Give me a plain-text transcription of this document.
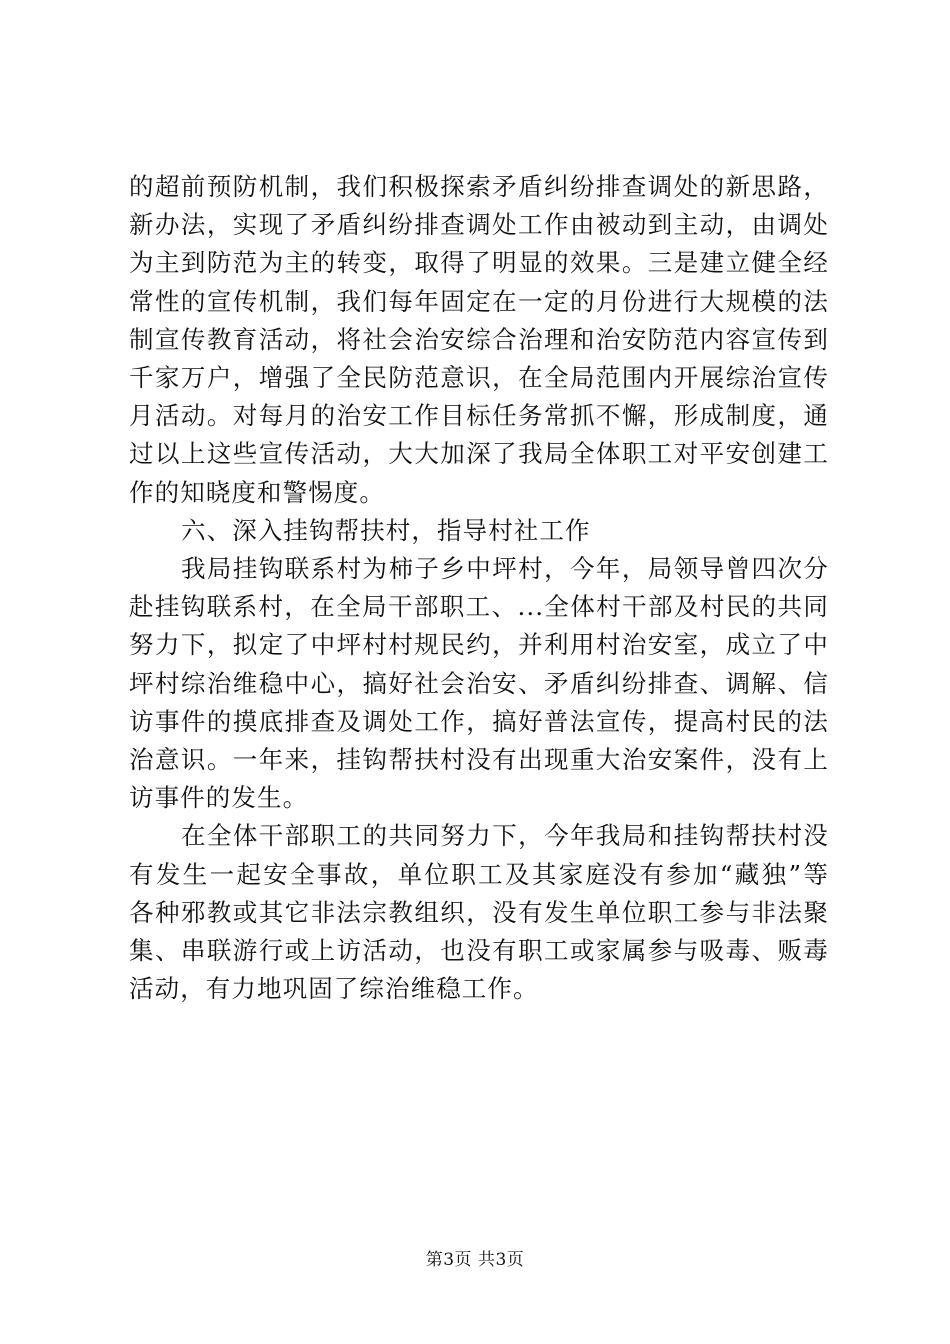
的超前预防机制，我们积极探索矛盾纠纷排查调处的新思路，
新办法，实现了矛盾纠纷排查调处工作由被动到主动，由调处
为主到防范为主的转变，取得了明显的效果。三是建立健全经
常性的宣传机制，我们每年固定在一定的月份进行大规模的法
制宣传教育活动，将社会治安综合治理和治安防范内容宣传到
千家万户，增强了全民防范意识，在全局范围内开展综治宣传
月活动。对每月的治安工作目标任务常抓不懈，形成制度，通
过以上这些宣传活动，大大加深了我局全体职工对平安创建工
作的知晓度和警惕度。
六、深入挂钩帮扶村，指导村社工作
我局挂钩联系村为柿子乡中坪村，今年，局领导曾四次分
赴挂钩联系村，在全局干部职工、...全体村干部及村民的共同
努力下，拟定了中坪村村规民约，并利用村治安室，成立了中
坪村综治维稳中心，搞好社会治安、矛盾纠纷排查、调解、信
访事件的摸底排查及调处工作，搞好普法宣传，提高村民的法
治意识。一年来，挂钩帮扶村没有出现重大治安案件，没有上
访事件的发生。
在全体干部职工的共同努力下，今年我局和挂钩帮扶村没
有发生一起安全事故，单位职工及其家庭没有参加“藏独”等
各种邪教或其它非法宗教组织，没有发生单位职工参与非法聚
集、串联游行或上访活动，也没有职工或家属参与吸毒、贩毒
活动，有力地巩固了综治维稳工作。
第3页 共3页
